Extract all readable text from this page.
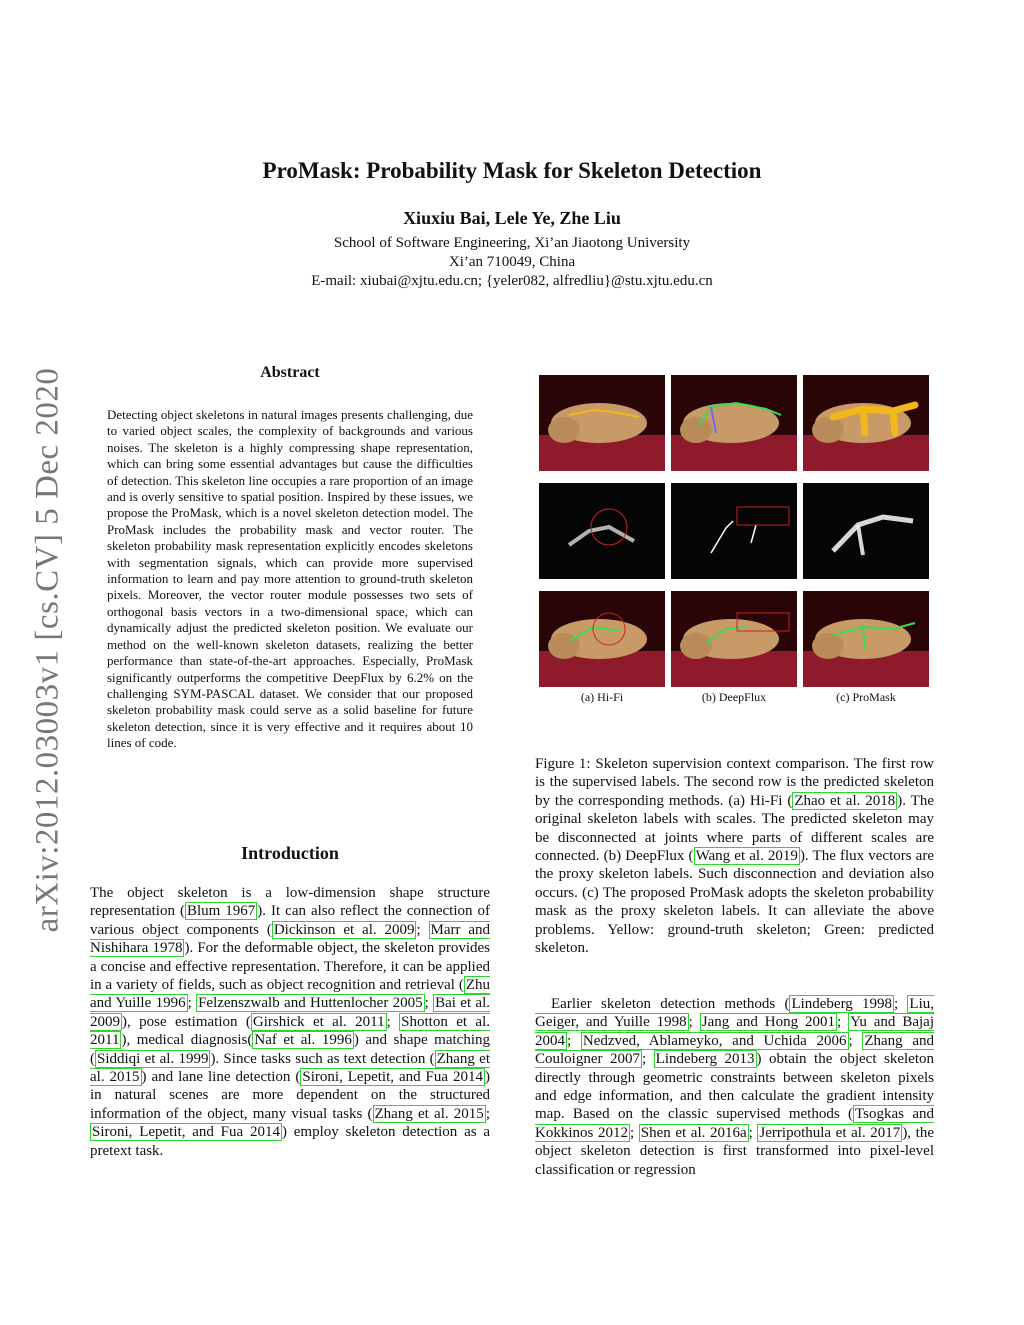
arXiv:2012.03003v1 [cs.CV] 5 Dec 2020
ProMask: Probability Mask for Skeleton Detection
Xiuxiu Bai, Lele Ye, Zhe Liu
School of Software Engineering, Xi’an Jiaotong University
Xi’an 710049, China
E-mail: xiubai@xjtu.edu.cn; {yeler082, alfredliu}@stu.xjtu.edu.cn
Abstract
Detecting object skeletons in natural images presents challenging, due to varied object scales, the complexity of backgrounds and various noises. The skeleton is a highly compressing shape representation, which can bring some essential advantages but cause the difficulties of detection. This skeleton line occupies a rare proportion of an image and is overly sensitive to spatial position. Inspired by these issues, we propose the ProMask, which is a novel skeleton detection model. The ProMask includes the probability mask and vector router. The skeleton probability mask representation explicitly encodes skeletons with segmentation signals, which can provide more supervised information to learn and pay more attention to ground-truth skeleton pixels. Moreover, the vector router module possesses two sets of orthogonal basis vectors in a two-dimensional space, which can dynamically adjust the predicted skeleton position. We evaluate our method on the well-known skeleton datasets, realizing the better performance than state-of-the-art approaches. Especially, ProMask significantly outperforms the competitive DeepFlux by 6.2% on the challenging SYM-PASCAL dataset. We consider that our proposed skeleton probability mask could serve as a solid baseline for future skeleton detection, since it is very effective and it requires about 10 lines of code.
Introduction

The object skeleton is a low-dimension shape structure representation ( Blum 1967 ). It can also reflect the connection of various object components ( Dickinson et al. 2009 ; Marr and Nishihara 1978 ). For the deformable object, the skeleton provides a concise and effective representation. Therefore, it can be applied in a variety of fields, such as object recognition and retrieval ( Zhu and Yuille 1996 ; Felzenszwalb and Huttenlocher 2005 ; Bai et al. 2009 ), pose estimation ( Girshick et al. 2011 ; Shotton et al. 2011 ), medical diagnosis( Naf et al. 1996 ) and shape matching ( Siddiqi et al. 1999 ). Since tasks such as text detection ( Zhang et al. 2015 ) and lane line detection ( Sironi, Lepetit, and Fua 2014 ) in natural scenes are more dependent on the structured information of the object, many visual tasks ( Zhang et al. 2015 ; Sironi, Lepetit, and Fua 2014 ) employ skeleton detection as a pretext task.

(a) Hi-Fi	(b) DeepFlux	(c) ProMask

Figure 1: Skeleton supervision context comparison. The first row is the supervised labels. The second row is the predicted skeleton by the corresponding methods. (a) Hi-Fi ( Zhao et al. 2018 ). The original skeleton labels with scales. The predicted skeleton may be disconnected at joints where parts of different scales are connected. (b) DeepFlux ( Wang et al. 2019 ). The flux vectors are the proxy skeleton labels. Such disconnection and deviation also occurs. (c) The proposed ProMask adopts the skeleton probability mask as the proxy skeleton labels. It can alleviate the above problems. Yellow: ground-truth skeleton; Green: predicted skeleton.

Earlier skeleton detection methods ( Lindeberg 1998 ; Liu, Geiger, and Yuille 1998 ; Jang and Hong 2001 ; Yu and Bajaj 2004 ; Nedzved, Ablameyko, and Uchida 2006 ; Zhang and Couloigner 2007 ; Lindeberg 2013 ) obtain the object skeleton directly through geometric constraints between skeleton pixels and edge information, and then calculate the gradient intensity map. Based on the classic supervised methods ( Tsogkas and Kokkinos 2012 ; Shen et al. 2016a ; Jerripothula et al. 2017 ), the object skeleton detection is first transformed into pixel-level classification or regression
